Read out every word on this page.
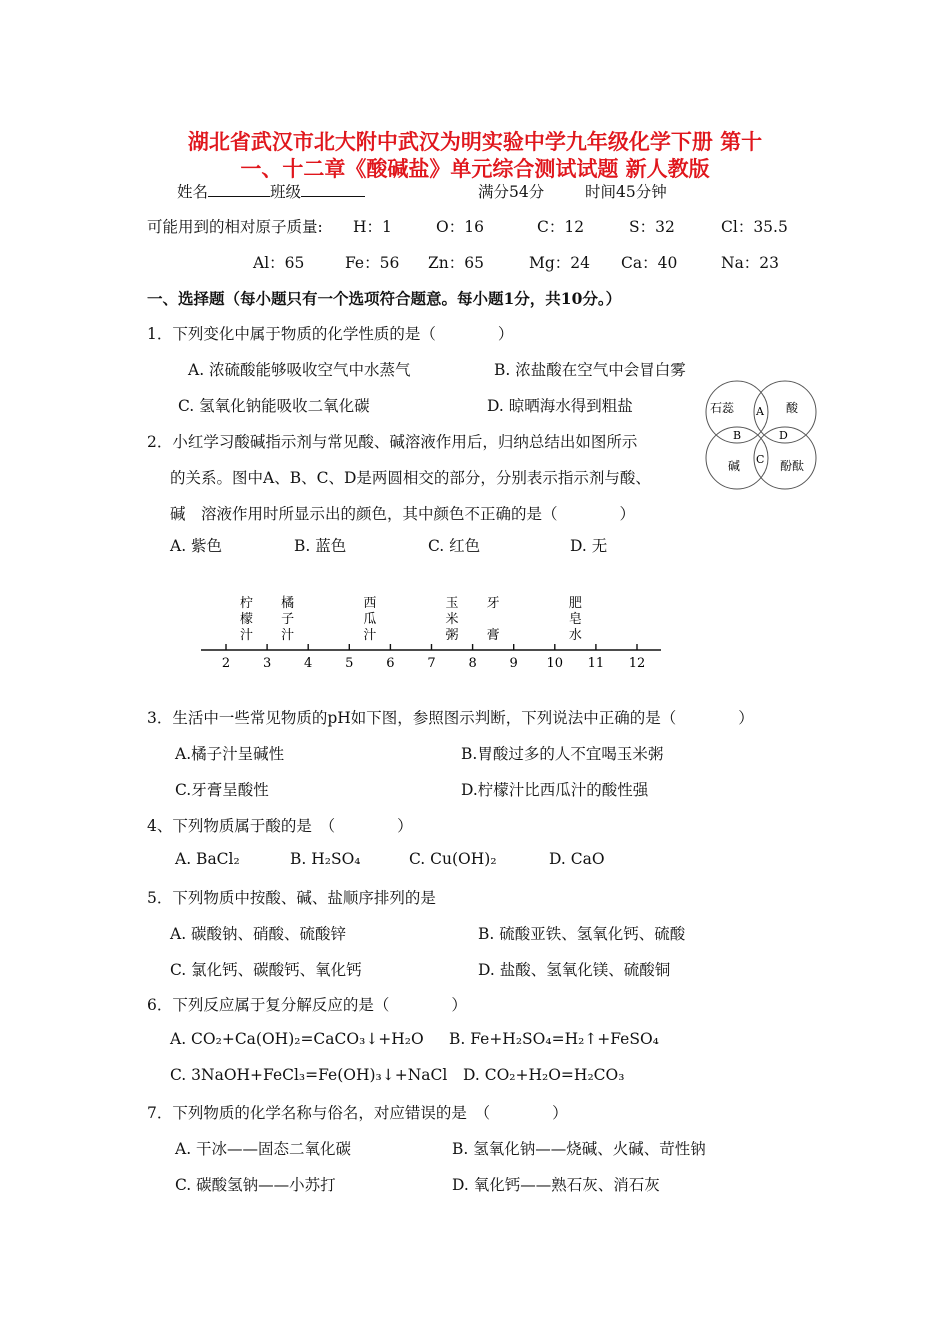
湖北省武汉市北大附中武汉为明实验中学九年级化学下册 第十
一、十二章《酸碱盐》单元综合测试试题 新人教版
姓名	班级	满分54分	时间45分钟
可能用到的相对原子质量: H：1	O：16	C：12	S：32	Cl：35.5
Al：65	Fe：56 Zn：65	Mg：24 Ca：40	Na：23
一、选择题（每小题只有一个选项符合题意。每小题1分，共10分。）
1．下列变化中属于物质的化学性质的是（　　　　）
A. 浓硫酸能够吸收空气中水蒸气	B. 浓盐酸在空气中会冒白雾
C. 氢氧化钠能吸收二氧化碳	D. 晾晒海水得到粗盐	石蕊	酸
碱	酚酞
A
B	D
C
2．小红学习酸碱指示剂与常见酸、碱溶液作用后，归纳总结出如图所示
的关系。图中A、B、C、D是两圆相交的部分，分别表示指示剂与酸、
碱　溶液作用时所显示出的颜色，其中颜色不正确的是（　　　　）
A. 紫色	B. 蓝色	C. 红色	D. 无
2	3	4	5	6	7	8	9 10 11 12
柠
檬
汁
橘
子
汁
西
瓜
汁
玉
米
粥
牙
膏
肥
皂
水
3．生活中一些常见物质的pH如下图，参照图示判断，下列说法中正确的是（　　　　）
A.橘子汁呈碱性	B.胃酸过多的人不宜喝玉米粥
C.牙膏呈酸性	D.柠檬汁比西瓜汁的酸性强
4、下列物质属于酸的是　（　　　　）
A. BaCl₂	B. H₂SO₄	C. Cu(OH)₂	D. CaO
5．下列物质中按酸、碱、盐顺序排列的是
A. 碳酸钠、硝酸、硫酸锌	B. 硫酸亚铁、氢氧化钙、硫酸
C. 氯化钙、碳酸钙、氧化钙	D. 盐酸、氢氧化镁、硫酸铜
6．下列反应属于复分解反应的是（　　　　）
A. CO₂+Ca(OH)₂=CaCO₃↓+H₂O B. Fe+H₂SO₄=H₂↑+FeSO₄
C. 3NaOH+FeCl₃=Fe(OH)₃↓+NaCl D. CO₂+H₂O=H₂CO₃
7．下列物质的化学名称与俗名，对应错误的是　（　　　　）
A. 干冰——固态二氧化碳	B. 氢氧化钠——烧碱、火碱、苛性钠
C. 碳酸氢钠——小苏打	D. 氧化钙——熟石灰、消石灰
